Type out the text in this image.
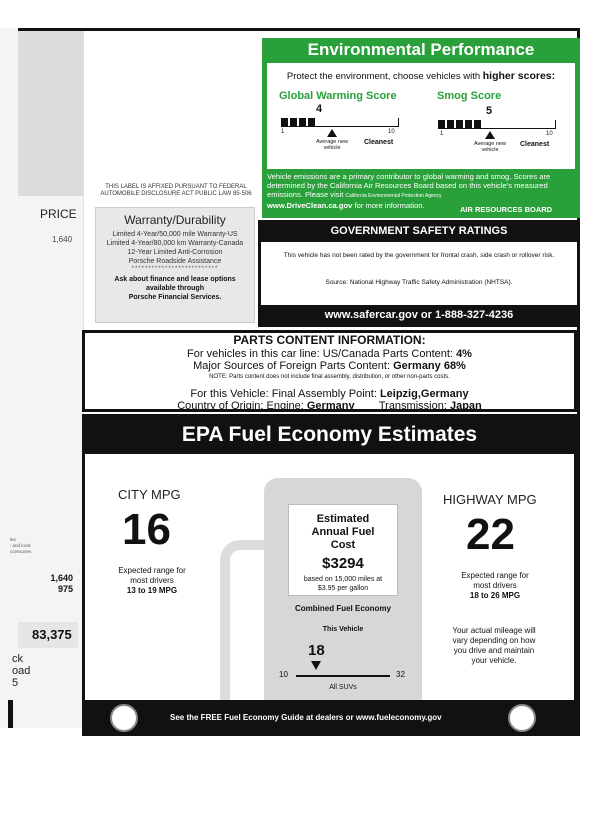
PRICE
1,640
les
: and local
ccessories
1,640
975
83,375
ck
oad
5
THIS LABEL IS AFFIXED PURSUANT TO FEDERAL AUTOMOBILE DISCLOSURE ACT PUBLIC LAW 85-506
Warranty/Durability
Limited 4-Year/50,000 mile Warranty-US
Limited 4-Year/80,000 km Warranty-Canada
12-Year Limited Anti-Corrosion
Porsche Roadside Assistance
**************************
Ask about finance and lease options
available through
Porsche Financial Services.
Environmental Performance
Protect the environment, choose vehicles with higher scores:
Global Warming Score
4
1	10
Average new vehicle
Cleanest
Smog Score
5
1	10
Average new vehicle
Cleanest
Vehicle emissions are a primary contributor to global warming and smog. Scores are determined by the California Air Resources Board based on this vehicle's measured emissions. Please visit California Environmental Protection Agency
www.DriveClean.ca.gov for more information.	AIR RESOURCES BOARD
GOVERNMENT SAFETY RATINGS
This vehicle has not been rated by the government for frontal crash, side crash or rollover risk.
Source: National Highway Traffic Safety Administration (NHTSA).
www.safercar.gov or 1-888-327-4236
PARTS CONTENT INFORMATION:
For vehicles in this car line: US/Canada Parts Content: 4%
Major Sources of Foreign Parts Content: Germany 68%
NOTE: Parts content does not include final assembly, distribution, or other non-parts costs.
For this Vehicle: Final Assembly Point: Leipzig,Germany
Country of Origin: Engine: Germany Transmission: Japan
EPA Fuel Economy Estimates
CITY MPG
16
Expected range for most drivers
13 to 19 MPG
HIGHWAY MPG
22
Expected range for most drivers
18 to 26 MPG
Estimated Annual Fuel Cost
$3294
based on 15,000 miles at $3.95 per gallon
Combined Fuel Economy
This Vehicle
18
10	32
All SUVs
Your actual mileage will vary depending on how you drive and maintain your vehicle.
See the FREE Fuel Economy Guide at dealers or www.fueleconomy.gov
